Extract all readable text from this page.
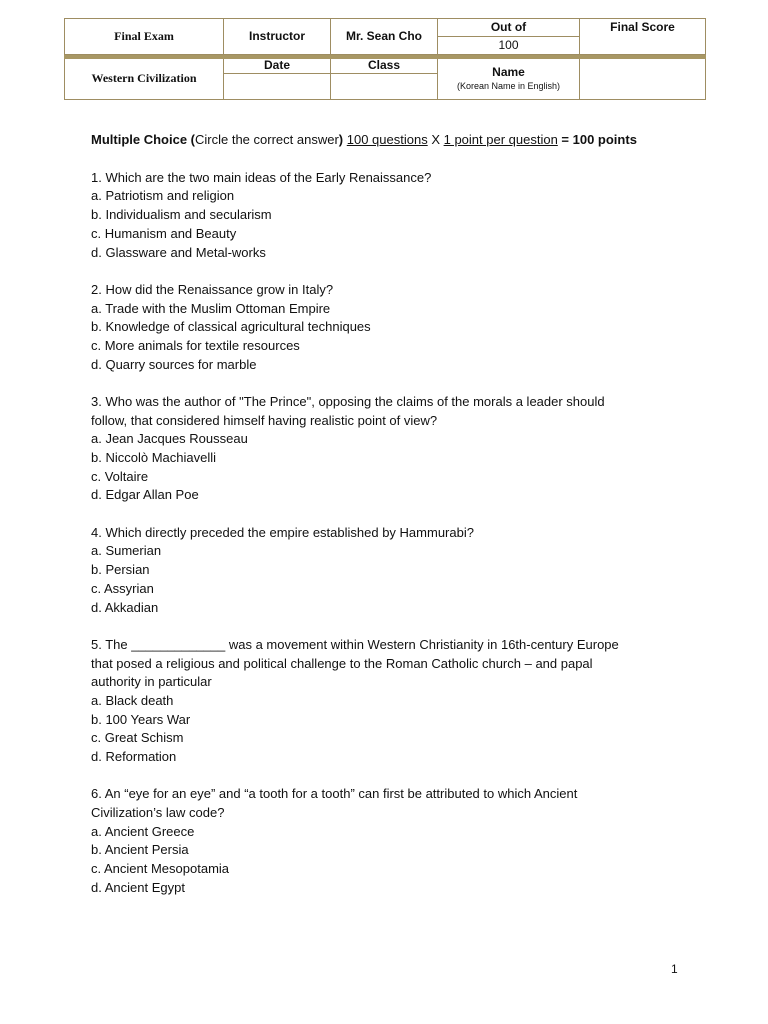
Final Exam	Instructor	Mr. Sean Cho	Out of	Final Score
			100	

Western Civilization	Date	Class	Name
(Korean Name in English)	

Multiple Choice (Circle the correct answer) 100 questions X 1 point per question = 100 points
1. Which are the two main ideas of the Early Renaissance?
a. Patriotism and religion
b. Individualism and secularism
c. Humanism and Beauty
d. Glassware and Metal-works
2. How did the Renaissance grow in Italy?
a. Trade with the Muslim Ottoman Empire
b. Knowledge of classical agricultural techniques
c. More animals for textile resources
d. Quarry sources for marble
3. Who was the author of "The Prince", opposing the claims of the morals a leader should
follow, that considered himself having realistic point of view?
a. Jean Jacques Rousseau
b. Niccolò Machiavelli
c. Voltaire
d. Edgar Allan Poe
4. Which directly preceded the empire established by Hammurabi?
a. Sumerian
b. Persian
c. Assyrian
d. Akkadian
5. The _____________ was a movement within Western Christianity in 16th-century Europe
that posed a religious and political challenge to the Roman Catholic church – and papal
authority in particular
a. Black death
b. 100 Years War
c. Great Schism
d. Reformation
6. An “eye for an eye” and “a tooth for a tooth” can first be attributed to which Ancient
Civilization’s law code?
a. Ancient Greece
b. Ancient Persia
c. Ancient Mesopotamia
d. Ancient Egypt
1
